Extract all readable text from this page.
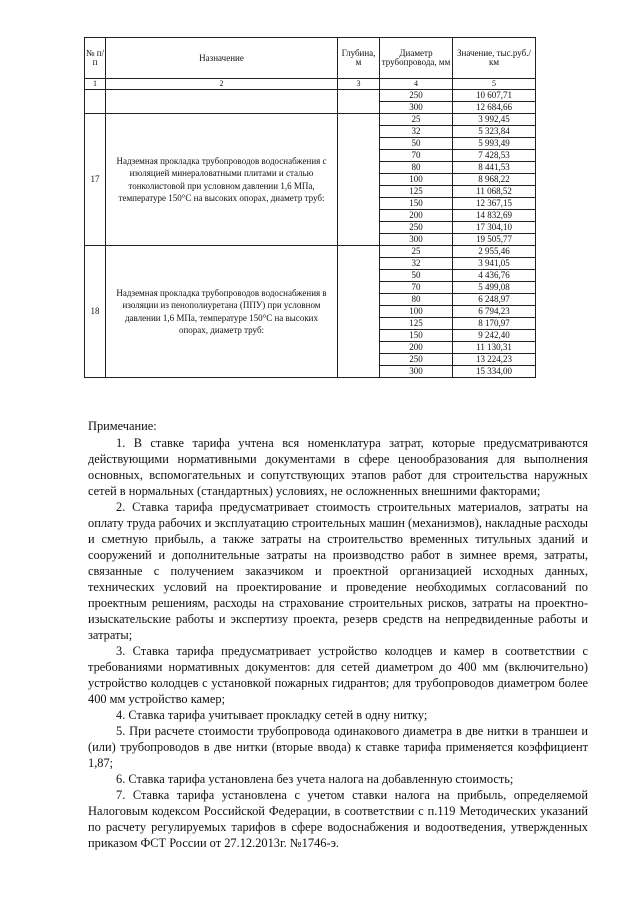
№ п/п	Назначение	Глубина, м	Диаметр трубопровода, мм	Значение, тыс.руб./км
1	2	3	4	5
			250	10 607,71
			300	12 684,66
17	Надземная прокладка трубопроводов водоснабжения с изоляцией минераловатными плитами и сталью тонколистовой при условном давлении 1,6 МПа, температуре 150°С на высоких опорах, диаметр труб:		25	3 992,45
			32	5 323,84
			50	5 993,49
			70	7 428,53
			80	8 441,53
			100	8 968,22
			125	11 068,52
			150	12 367,15
			200	14 832,69
			250	17 304,10
			300	19 505,77
18	Надземная прокладка трубопроводов водоснабжения в изоляции из пенополиуретана (ППУ) при условном давлении 1,6 МПа, температуре 150°С на высоких опорах, диаметр труб:		25	2 955,46
			32	3 941,05
			50	4 436,76
			70	5 499,08
			80	6 248,97
			100	6 794,23
			125	8 170,97
			150	9 242,40
			200	11 130,31
			250	13 224,23
			300	15 334,00
Примечание:

1. В ставке тарифа учтена вся номенклатура затрат, которые предусматриваются действующими нормативными документами в сфере ценообразования для выполнения основных, вспомогательных и сопутствующих этапов работ для строительства наружных сетей в нормальных (стандартных) условиях, не осложненных внешними факторами;

2. Ставка тарифа предусматривает стоимость строительных материалов, затраты на оплату труда рабочих и эксплуатацию строительных машин (механизмов), накладные расходы и сметную прибыль, а также затраты на строительство временных титульных зданий и сооружений и дополнительные затраты на производство работ в зимнее время, затраты, связанные с получением заказчиком и проектной организацией исходных данных, технических условий на проектирование и проведение необходимых согласований по проектным решениям, расходы на страхование строительных рисков, затраты на проектно-изыскательские работы и экспертизу проекта, резерв средств на непредвиденные работы и затраты;

3. Ставка тарифа предусматривает устройство колодцев и камер в соответствии с требованиями нормативных документов: для сетей диаметром до 400 мм (включительно) устройство колодцев с установкой пожарных гидрантов; для трубопроводов диаметром более 400 мм устройство камер;

4. Ставка тарифа учитывает прокладку сетей в одну нитку;

5. При расчете стоимости трубопровода одинакового диаметра в две нитки в траншеи и (или) трубопроводов в две нитки (вторые ввода) к ставке тарифа применяется коэффициент 1,87;

6. Ставка тарифа установлена без учета налога на добавленную стоимость;

7. Ставка тарифа установлена с учетом ставки налога на прибыль, определяемой Налоговым кодексом Российской Федерации, в соответствии с п.119 Методических указаний по расчету регулируемых тарифов в сфере водоснабжения и водоотведения, утвержденных приказом ФСТ России от 27.12.2013г. №1746-э.
